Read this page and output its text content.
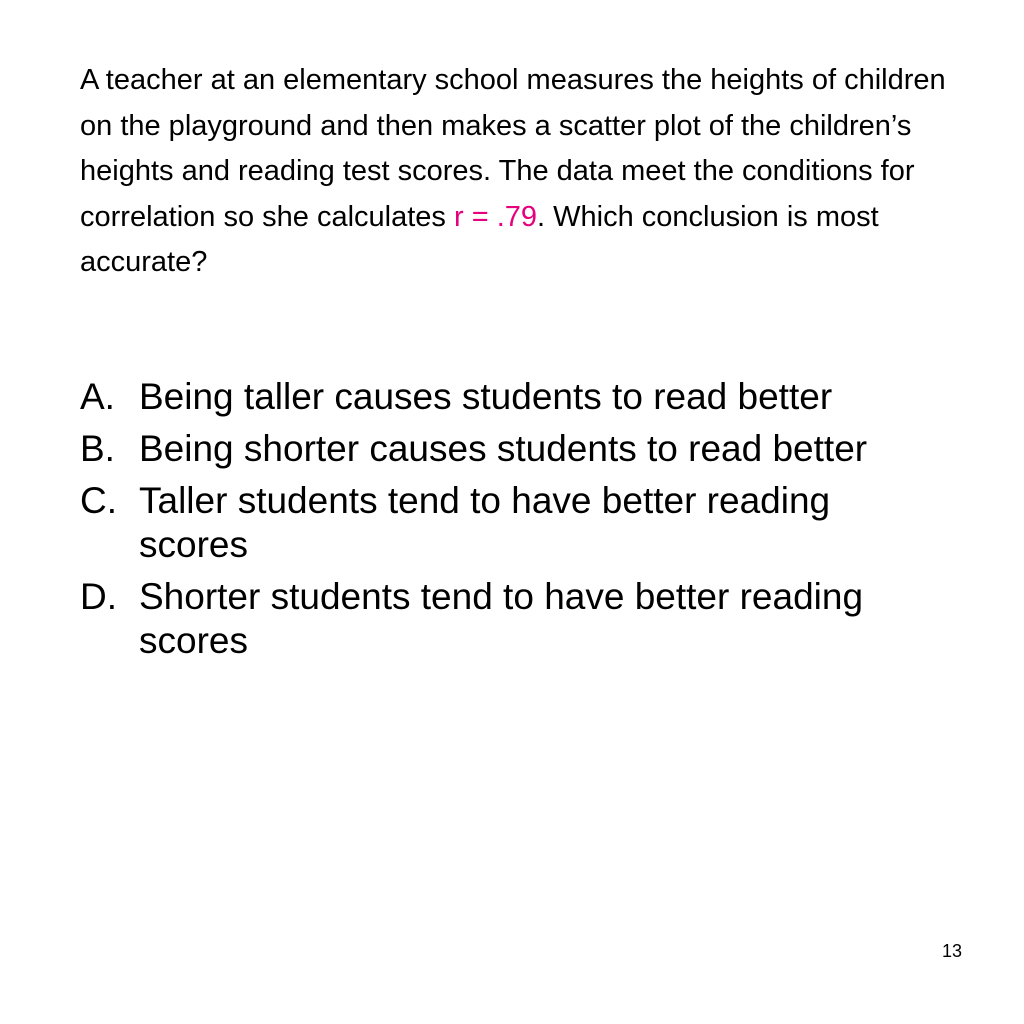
A teacher at an elementary school measures the heights of children on the playground and then makes a scatter plot of the children’s heights and reading test scores. The data meet the conditions for correlation so she calculates r = .79. Which conclusion is most accurate?

A. Being taller causes students to read better
B. Being shorter causes students to read better
C. Taller students tend to have better reading scores
D. Shorter students tend to have better reading scores
13
